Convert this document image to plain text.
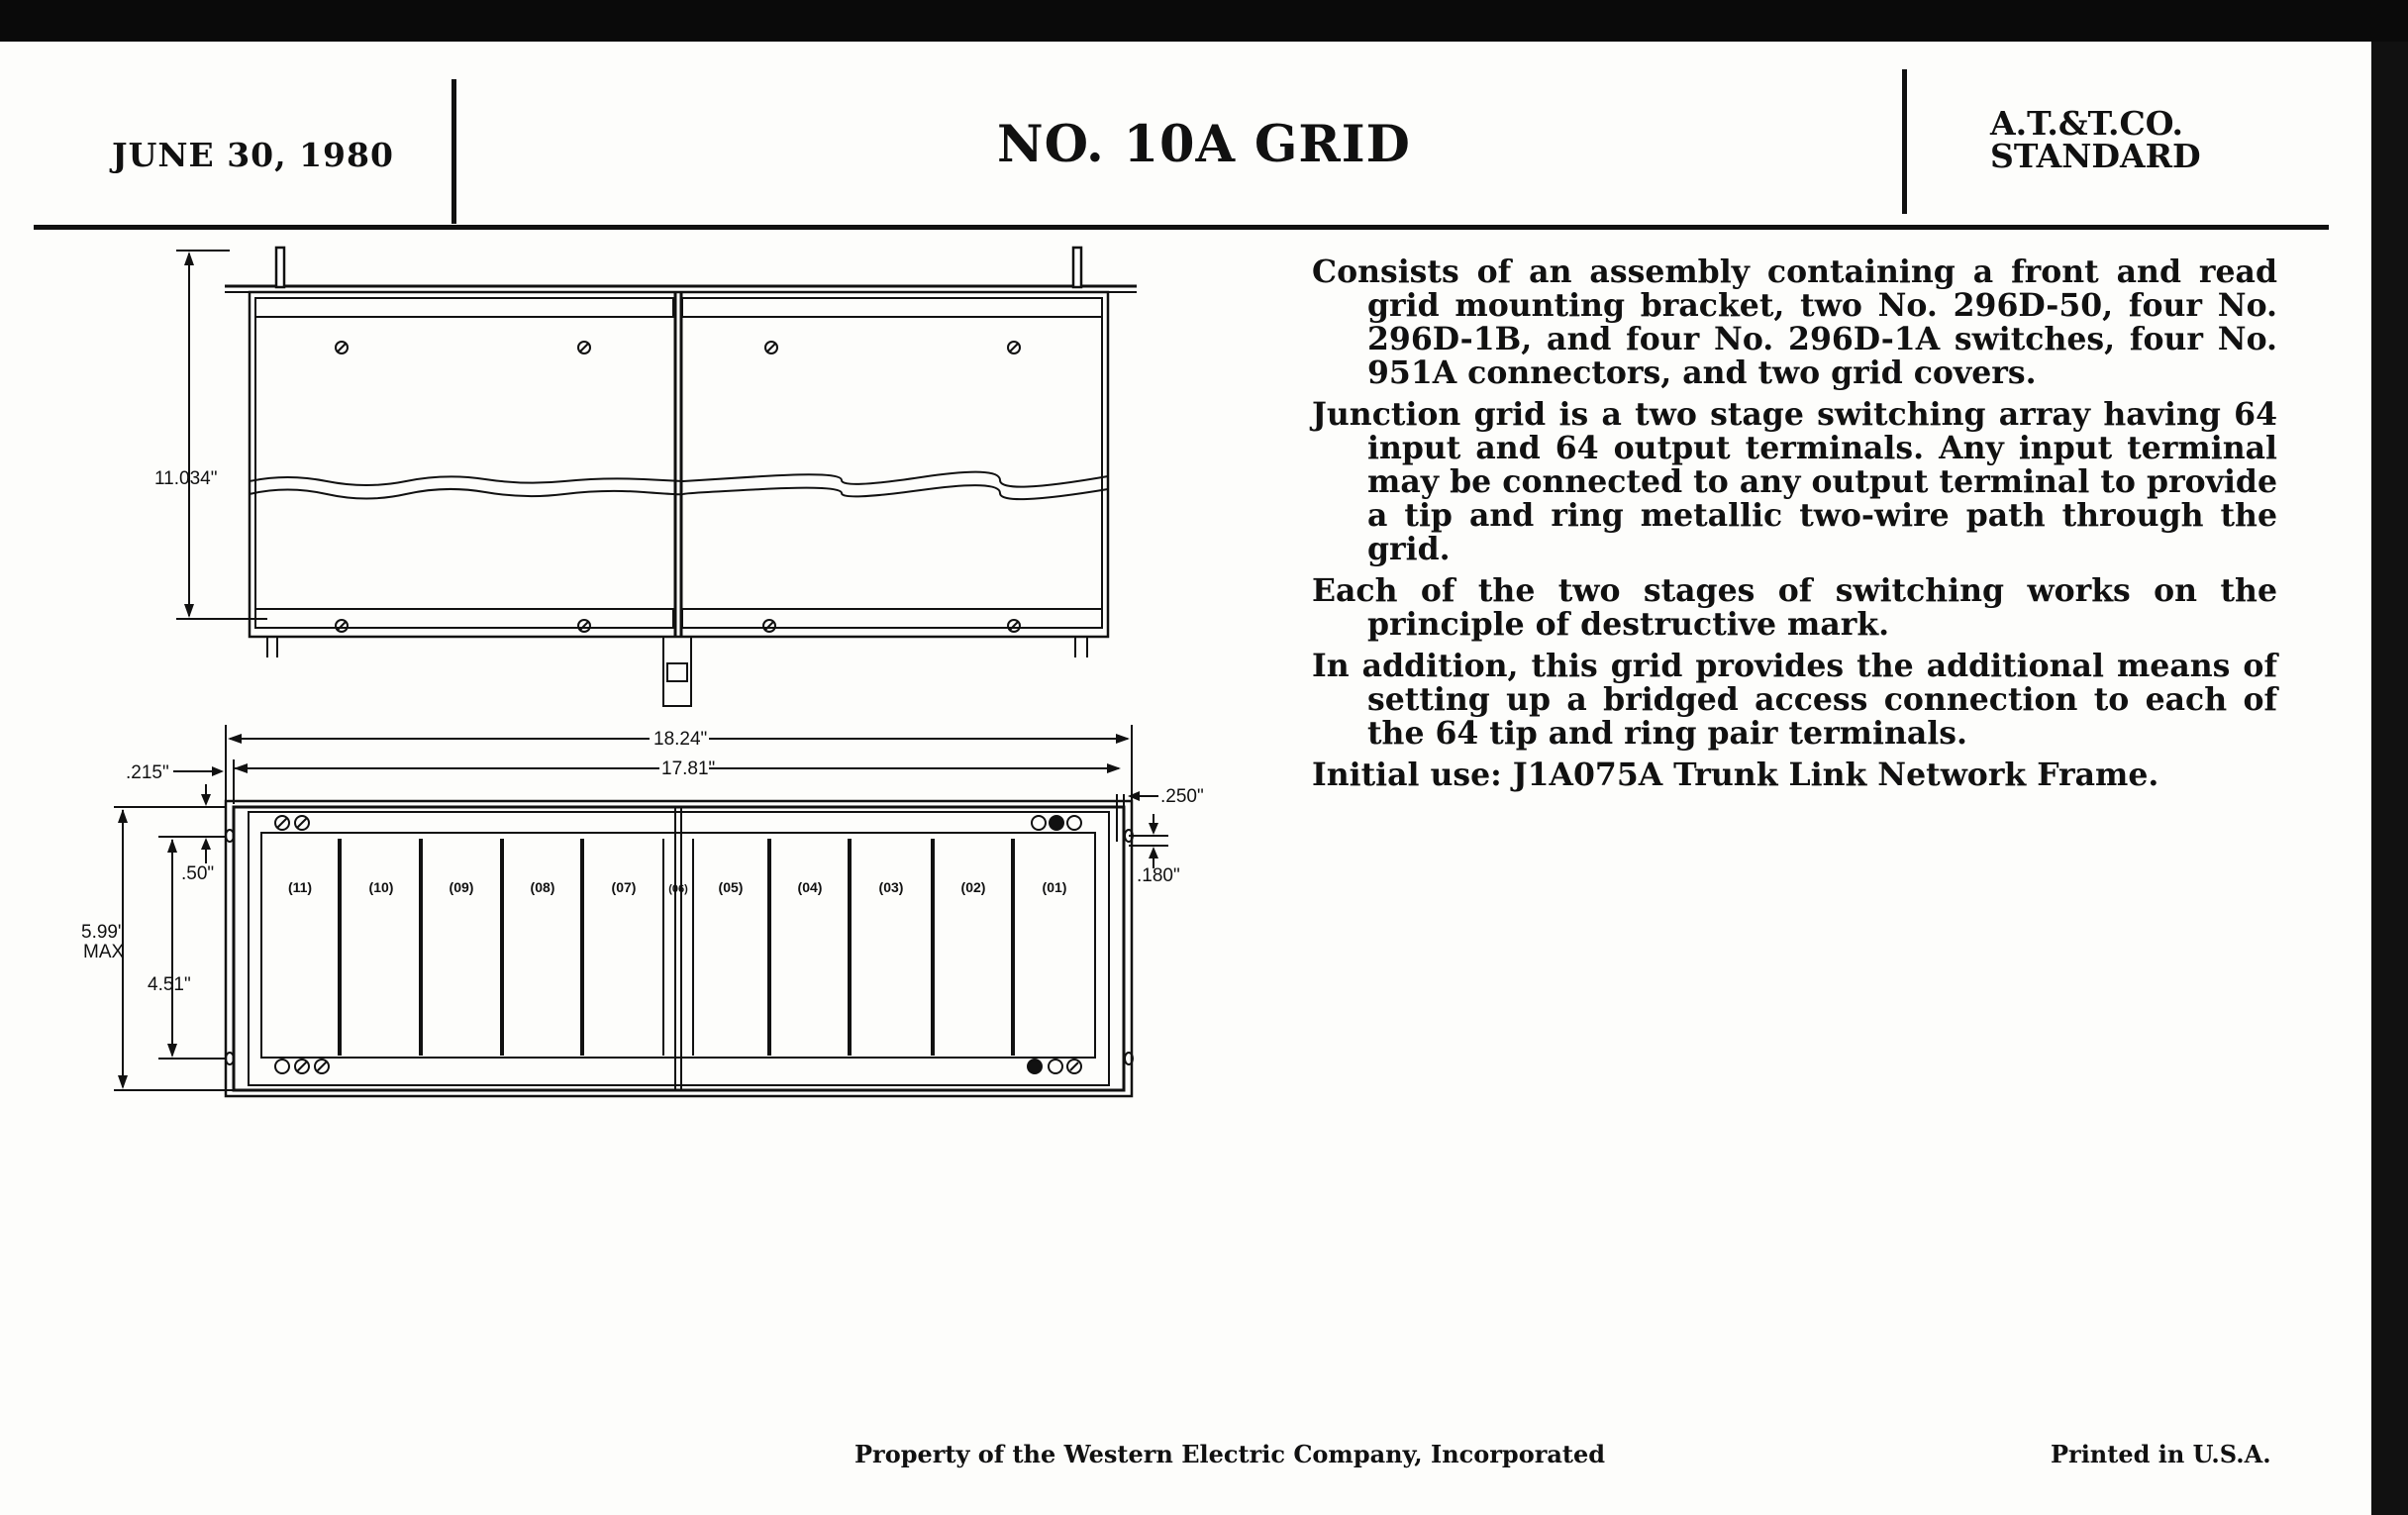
JUNE 30, 1980	NO. 10A GRID	A.T.&T.CO.
STANDARD

Consists of an assembly containing a front and read grid mounting bracket, two No. 296D-50, four No. 296D-1B, and four No. 296D-1A switches, four No. 951A connectors, and two grid covers.

Junction grid is a two stage switching array having 64 input and 64 output terminals. Any input terminal may be connected to any output terminal to provide a tip and ring metallic two-wire path through the grid.

Each of the two stages of switching works on the principle of destructive mark.

In addition, this grid provides the additional means of setting up a bridged access connection to each of the 64 tip and ring pair terminals.

Initial use: J1A075A Trunk Link Network Frame.

11.034"
18.24"
17.81"
.215"
.250"
.50"	.180"
5.99"
MAX
4.51"
(11)	(10)	(09)	(08)	(07)	(06) (05)	(04)	(03)	(02)	(01)
Property of the Western Electric Company, Incorporated	Printed in U.S.A.
